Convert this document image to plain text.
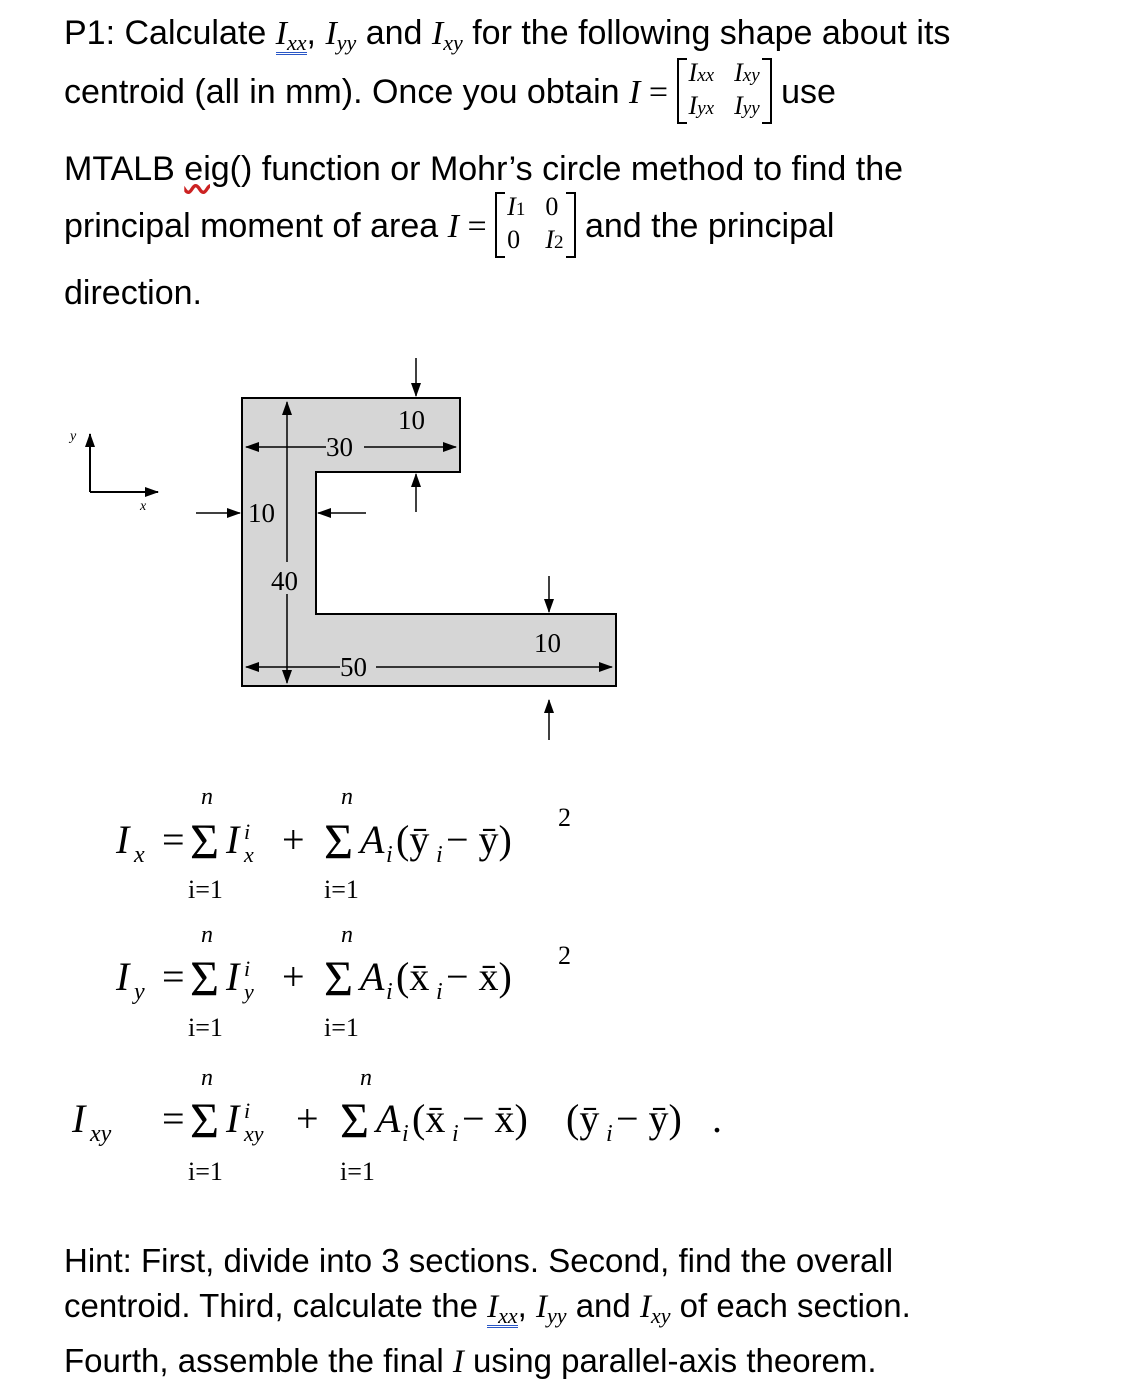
P1: Calculate $I_{xx}$, $I_{yy}$ and $I_{xy}$ for the following shape about its
centroid (all in mm). Once you obtain I =
Ixx Ixy
Iyx Iyy use
MTALB eig() function or Mohr’s circle method to find the
principal moment of area I =
I1 0
0 I2 and the principal
direction.
y
x
30
10
10
40
50
10
n	n
I x = Σ I i
x + Σ A i (ȳ i − ȳ) 2
i=1	i=1
n	n
I y = Σ I i
y + Σ A i (x̄ i − x̄) 2
i=1	i=1
n	n
I xy = Σ I i
xy + Σ A i (x̄ i − x̄) (ȳ i − ȳ) .
i=1	i=1
Hint: First, divide into 3 sections. Second, find the overall
centroid. Third, calculate the $I_{xx}$, $I_{yy}$ and $I_{xy}$ of each section.
Fourth, assemble the final I using parallel-axis theorem.
